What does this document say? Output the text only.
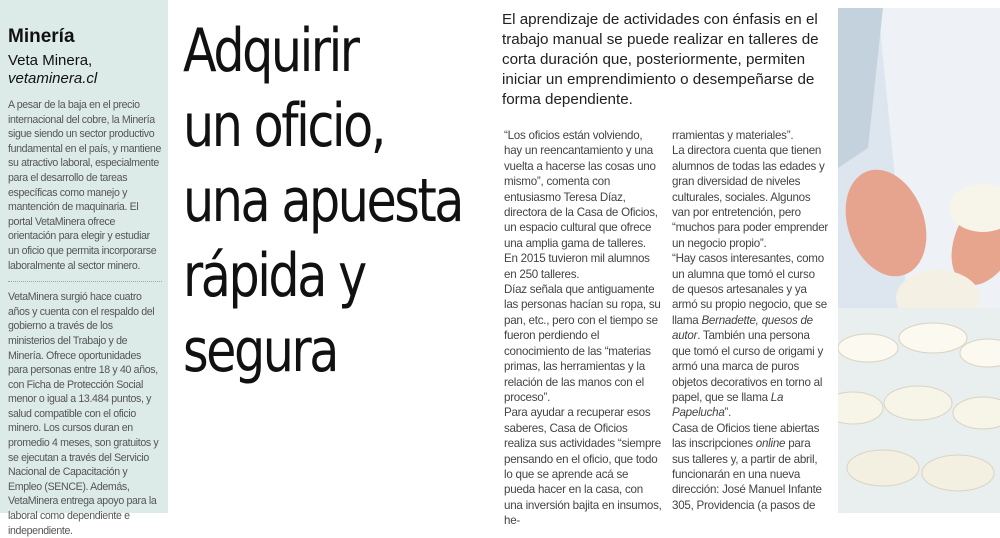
Minería
Veta Minera,
vetaminera.cl

A pesar de la baja en el precio internacional del cobre, la Minería sigue siendo un sector productivo fundamental en el país, y mantiene su atractivo laboral, especialmente para el desarrollo de tareas específicas como manejo y mantención de maquinaria. El portal VetaMinera ofrece orientación para elegir y estudiar un oficio que permita incorporarse laboralmente al sector minero.

VetaMinera surgió hace cuatro años y cuenta con el respaldo del gobierno a través de los ministerios del Trabajo y de Minería. Ofrece oportunidades para personas entre 18 y 40 años, con Ficha de Protección Social menor o igual a 13.484 puntos, y salud compatible con el oficio minero. Los cursos duran en promedio 4 meses, son gratuitos y se ejecutan a través del Servicio Nacional de Capacitación y Empleo (SENCE). Además, VetaMinera entrega apoyo para la laboral como dependiente e independiente.

Adquirir
un oficio,
una apuesta
rápida y
segura

El aprendizaje de actividades con énfasis en el trabajo manual se puede realizar en talleres de corta duración que, posteriormente, permiten iniciar un emprendimiento o desempeñarse de forma dependiente.

“Los oficios están volviendo, hay un reencantamiento y una vuelta a hacerse las cosas uno mismo”, comenta con entusiasmo Teresa Díaz, directora de la Casa de Oficios, un espacio cultural que ofrece una amplia gama de talleres. En 2015 tuvieron mil alumnos en 250 talleres.

Díaz señala que antiguamente las personas hacían su ropa, su pan, etc., pero con el tiempo se fueron perdiendo el conocimiento de las “materias primas, las herramientas y la relación de las manos con el proceso”.

Para ayudar a recuperar esos saberes, Casa de Oficios realiza sus actividades “siempre pensando en el oficio, que todo lo que se aprende acá se pueda hacer en la casa, con una inversión bajita en insumos, he-

rramientas y materiales”.

La directora cuenta que tienen alumnos de todas las edades y gran diversidad de niveles culturales, sociales. Algunos van por entretención, pero “muchos para poder emprender un negocio propio”.

“Hay casos interesantes, como un alumna que tomó el curso de quesos artesanales y ya armó su propio negocio, que se llama Bernadette, quesos de autor. También una persona que tomó el curso de origami y armó una marca de puros objetos decorativos en torno al papel, que se llama La Papelucha”.

Casa de Oficios tiene abiertas las inscripciones online para sus talleres y, a partir de abril, funcionarán en una nueva dirección: José Manuel Infante 305, Providencia (a pasos de
